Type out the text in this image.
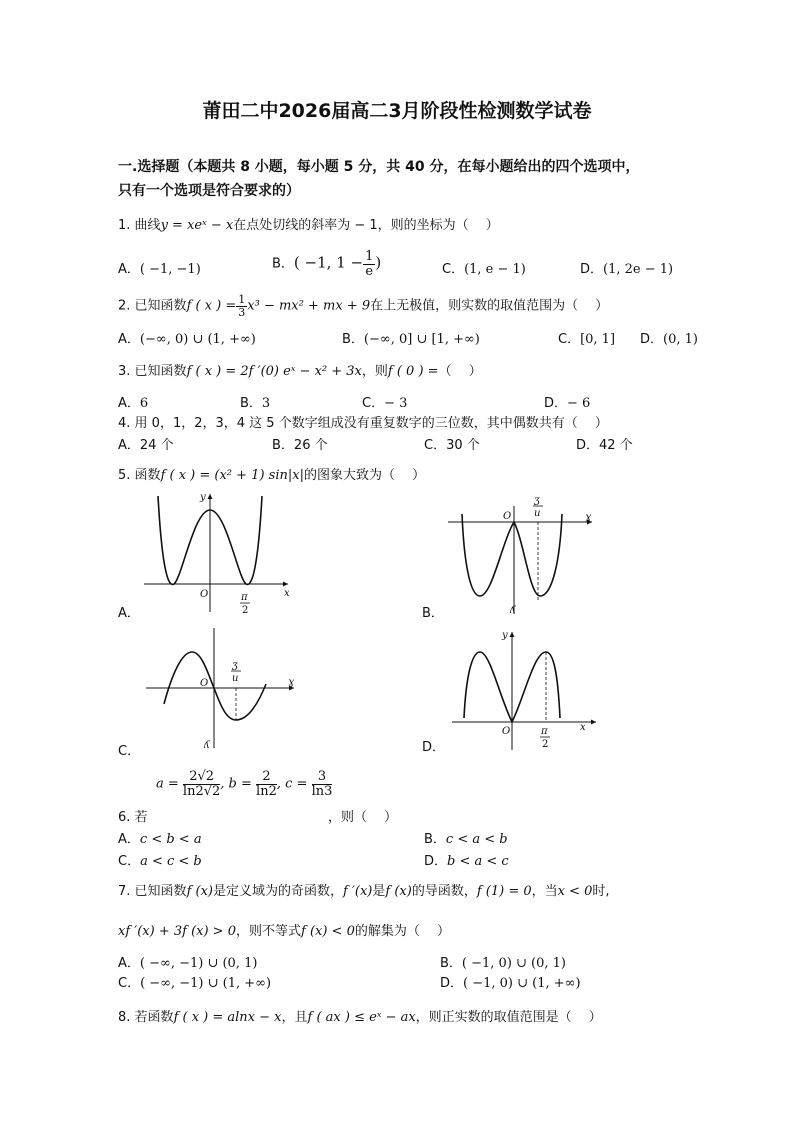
莆田二中2026届高二3月阶段性检测数学试卷
一.选择题（本题共 8 小题，每小题 5 分，共 40 分，在每小题给出的四个选项中，
只有一个选项是符合要求的）
1. 曲线y = xeˣ − x在点处切线的斜率为 − 1，则的坐标为（　 ）
A．( −1, −1)	B．( −1, $1 - \frac{1}{e}$ )	C．(1, e − 1)	D．(1, 2e − 1)
2. 已知函数f ( x ) = $\frac{1}{3} x^3 - mx^2$ + mx + 9在上无极值，则实数的取值范围为（　 ）
A．(−∞, 0) ∪ (1, +∞)	B．(−∞, 0] ∪ [1, +∞)	C．[0, 1] D．(0, 1)
3. 已知函数f ( x ) = 2f ′(0) eˣ − x² + 3x，则f ( 0 ) =（　 ）
A．6	B．3	C．− 3	D．− 6
4. 用 0，1，2，3，4 这 5 个数字组成没有重复数字的三位数，其中偶数共有（　 ）
A．24 个	B．26 个	C．30 个	D．42 个
5. 函数f ( x ) = (x² + 1) sin|x|的图象大致为（　 ）
A．
y
x
O	π
2	B．
O	ɣ
ʎ
ʒ
u
C．
O	ɣ
ʎ
ʒ
u
D．
y
x
O	π
2
6. 若
$a = \frac{2√2}{\ln 2√2}$ , $b = \frac{2}{\ln 2}$ , $c = \frac{3}{\ln 3}$
，则（　 ）
A．c < b < a	B．c < a < b
C．a < c < b	D．b < a < c
7. 已知函数f (x)是定义域为的奇函数，f ′(x)是f (x)的导函数，f (1) = 0，当x < 0时,
xf ′(x) + 3f (x) > 0，则不等式f (x) < 0的解集为（　 ）
A．( −∞, −1) ∪ (0, 1)	B．( −1, 0) ∪ (0, 1)
C．( −∞, −1) ∪ (1, +∞)	D．( −1, 0) ∪ (1, +∞)
8. 若函数f ( x ) = alnx − x，且f ( ax ) ≤ eˣ − ax，则正实数的取值范围是（　 ）
